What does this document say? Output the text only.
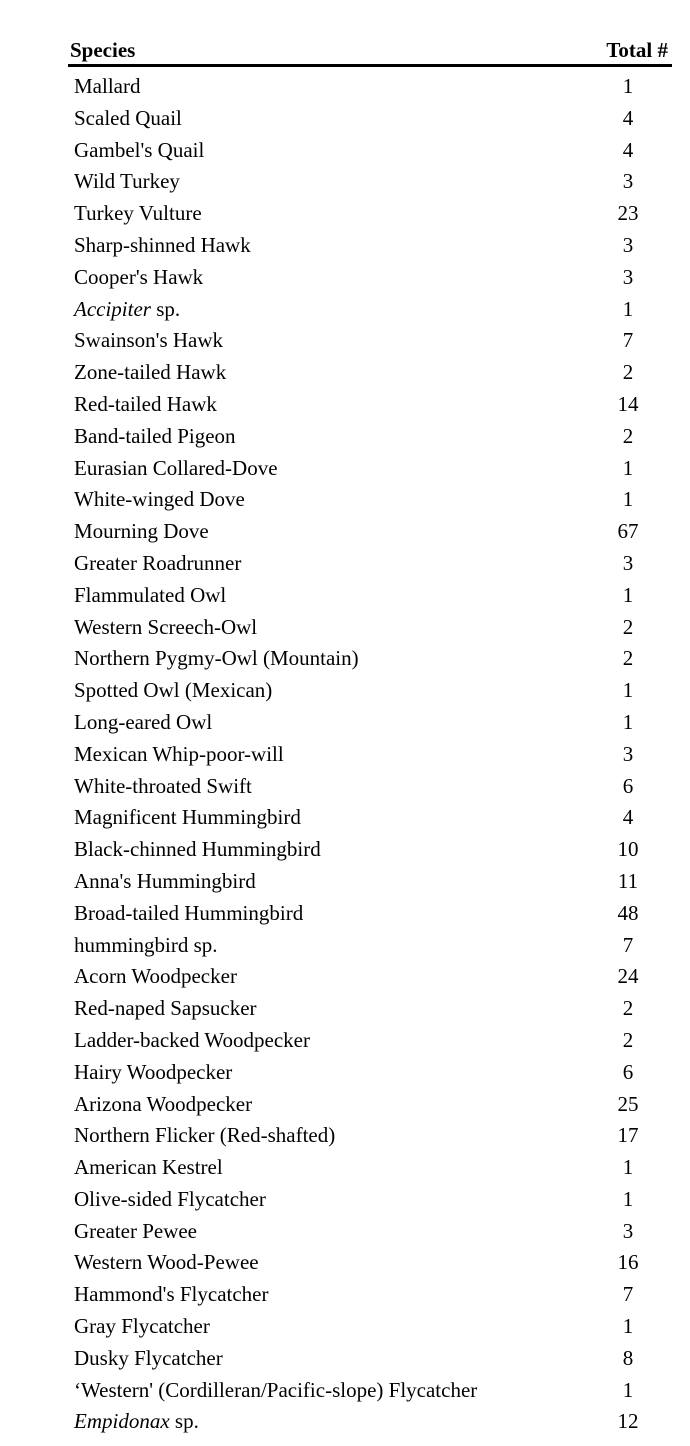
Species	Total #
Mallard	1
Scaled Quail	4
Gambel's Quail	4
Wild Turkey	3
Turkey Vulture	23
Sharp-shinned Hawk	3
Cooper's Hawk	3
Accipiter sp.	1
Swainson's Hawk	7
Zone-tailed Hawk	2
Red-tailed Hawk	14
Band-tailed Pigeon	2
Eurasian Collared-Dove	1
White-winged Dove	1
Mourning Dove	67
Greater Roadrunner	3
Flammulated Owl	1
Western Screech-Owl	2
Northern Pygmy-Owl (Mountain)	2
Spotted Owl (Mexican)	1
Long-eared Owl	1
Mexican Whip-poor-will	3
White-throated Swift	6
Magnificent Hummingbird	4
Black-chinned Hummingbird	10
Anna's Hummingbird	11
Broad-tailed Hummingbird	48
hummingbird sp.	7
Acorn Woodpecker	24
Red-naped Sapsucker	2
Ladder-backed Woodpecker	2
Hairy Woodpecker	6
Arizona Woodpecker	25
Northern Flicker (Red-shafted)	17
American Kestrel	1
Olive-sided Flycatcher	1
Greater Pewee	3
Western Wood-Pewee	16
Hammond's Flycatcher	7
Gray Flycatcher	1
Dusky Flycatcher	8
‘Western' (Cordilleran/Pacific-slope) Flycatcher	1
Empidonax sp.	12
